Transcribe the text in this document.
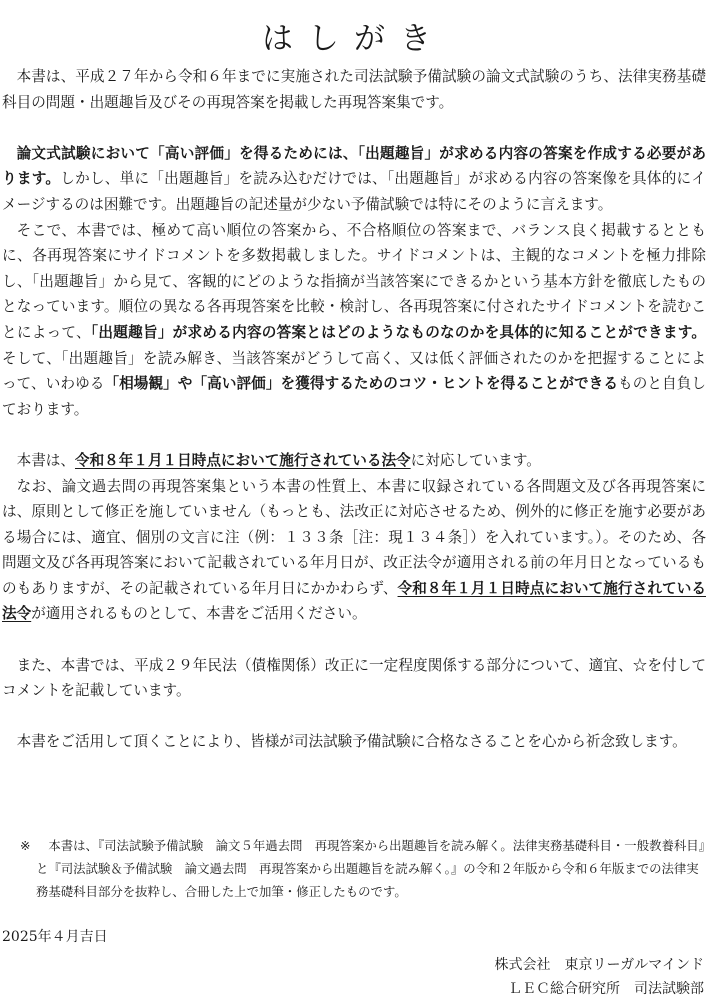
はしがき

本書は、平成２７年から令和６年までに実施された司法試験予備試験の論文式試験のうち、法律実務基礎科目の問題・出題趣旨及びその再現答案を掲載した再現答案集です。

論文式試験において「高い評価」を得るためには、「出題趣旨」が求める内容の答案を作成する必要があります。しかし、単に「出題趣旨」を読み込むだけでは、「出題趣旨」が求める内容の答案像を具体的にイメージするのは困難です。出題趣旨の記述量が少ない予備試験では特にそのように言えます。

そこで、本書では、極めて高い順位の答案から、不合格順位の答案まで、バランス良く掲載するとともに、各再現答案にサイドコメントを多数掲載しました。サイドコメントは、主観的なコメントを極力排除し、「出題趣旨」から見て、客観的にどのような指摘が当該答案にできるかという基本方針を徹底したものとなっています。順位の異なる各再現答案を比較・検討し、各再現答案に付されたサイドコメントを読むことによって、「出題趣旨」が求める内容の答案とはどのようなものなのかを具体的に知ることができます。そして、「出題趣旨」を読み解き、当該答案がどうして高く、又は低く評価されたのかを把握することによって、いわゆる「相場観」や「高い評価」を獲得するためのコツ・ヒントを得ることができるものと自負しております。

本書は、令和８年１月１日時点において施行されている法令に対応しています。

なお、論文過去問の再現答案集という本書の性質上、本書に収録されている各問題文及び各再現答案には、原則として修正を施していません（もっとも、法改正に対応させるため、例外的に修正を施す必要がある場合には、適宜、個別の文言に注（例：１３３条［注：現１３４条］）を入れています。）。そのため、各問題文及び各再現答案において記載されている年月日が、改正法令が適用される前の年月日となっているものもありますが、その記載されている年月日にかかわらず、令和８年１月１日時点において施行されている法令が適用されるものとして、本書をご活用ください。

また、本書では、平成２９年民法（債権関係）改正に一定程度関係する部分について、適宜、☆を付してコメントを記載しています。

本書をご活用して頂くことにより、皆様が司法試験予備試験に合格なさることを心から祈念致します。

※	本書は、『司法試験予備試験　論文５年過去問　再現答案から出題趣旨を読み解く。法律実務基礎科目・一般教養科目』と『司法試験＆予備試験　論文過去問　再現答案から出題趣旨を読み解く。』の令和２年版から令和６年版までの法律実務基礎科目部分を抜粋し、合冊した上で加筆・修正したものです。
2025年４月吉日
株式会社　東京リーガルマインド
ＬＥＣ総合研究所　司法試験部
